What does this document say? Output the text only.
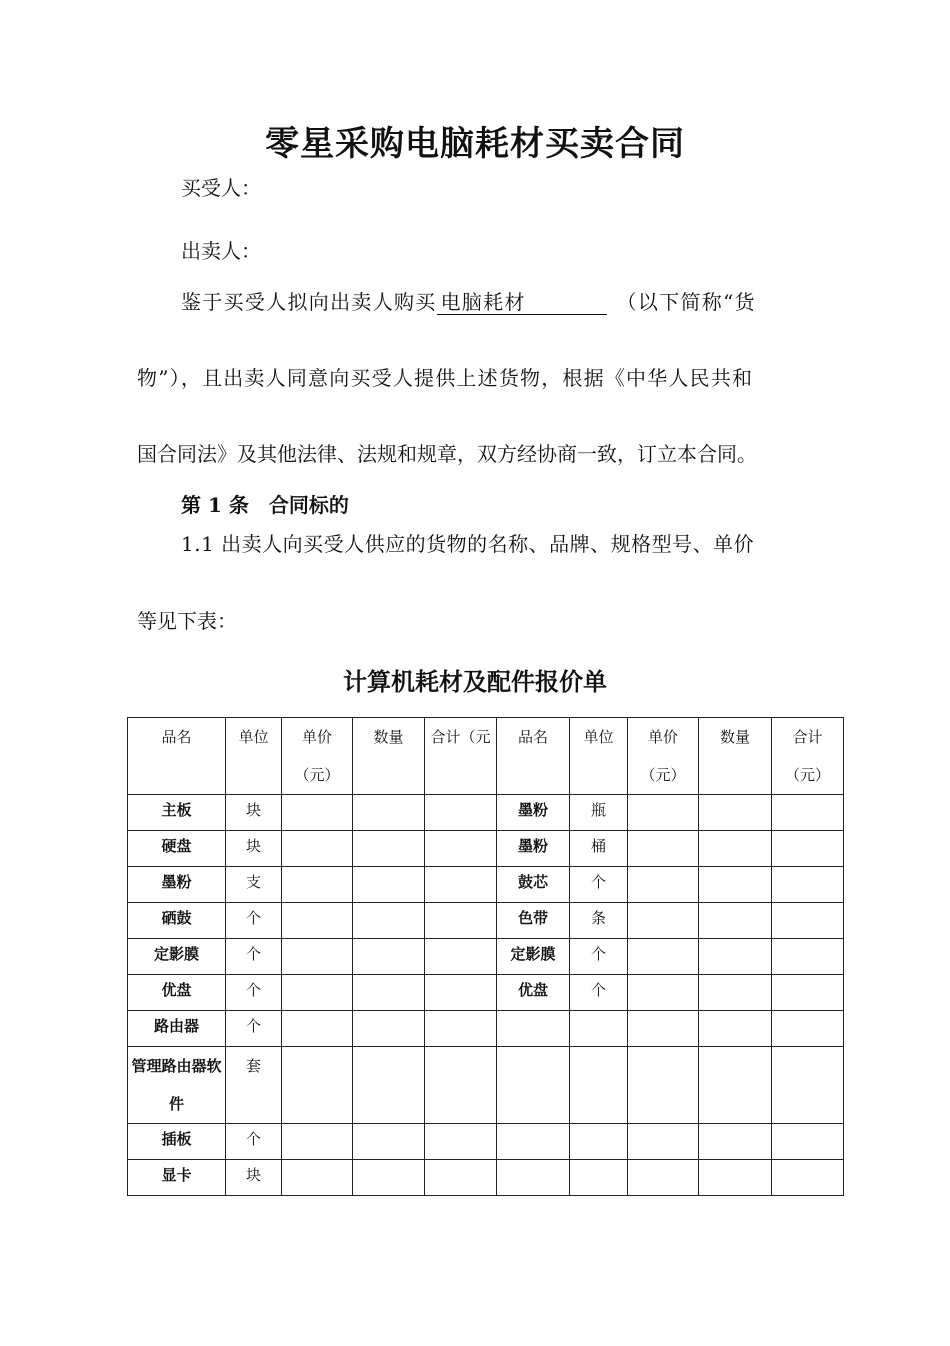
零星采购电脑耗材买卖合同
买受人：
出卖人：
鉴于买受人拟向出卖人购买 电脑耗材	（以下简称“货
物”），且出卖人同意向买受人提供上述货物，根据《中华人民共和
国合同法》及其他法律、法规和规章，双方经协商一致，订立本合同。
第 1 条　合同标的
1.1 出卖人向买受人供应的货物的名称、品牌、规格型号、单价
等见下表：
计算机耗材及配件报价单
品名	单位	单价（元）	数量	合计（元	品名	单位	单价（元）	数量	合计（元）
主板	块				墨粉	瓶			
硬盘	块				墨粉	桶			
墨粉	支				鼓芯	个			
硒鼓	个				色带	条			
定影膜	个				定影膜	个			
优盘	个				优盘	个			
路由器	个								
管理路由器软件	套								
插板	个								
显卡	块								
